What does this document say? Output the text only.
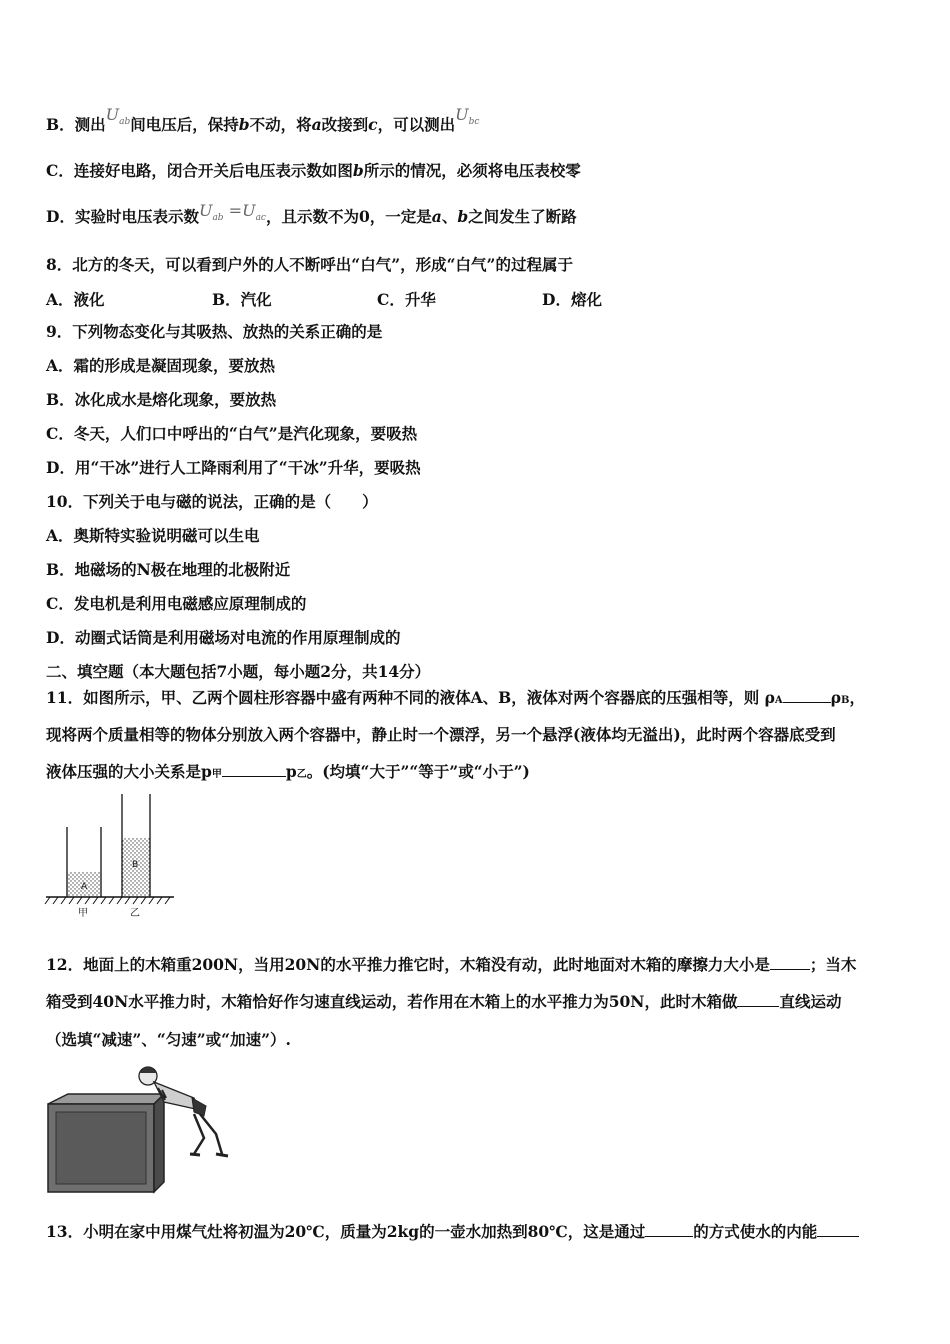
B．测出$U_{ab}$间电压后，保持b不动，将a改接到c，可以测出$U_{bc}$
C．连接好电路，闭合开关后电压表示数如图b所示的情况，必须将电压表校零
D．实验时电压表示数$U_{ab} =U_{ac}$，且示数不为0，一定是a、b之间发生了断路
8．北方的冬天，可以看到户外的人不断呼出“白气”，形成“白气”的过程属于
A．液化	B．汽化	C．升华	D．熔化
9．下列物态变化与其吸热、放热的关系正确的是
A．霜的形成是凝固现象，要放热
B．冰化成水是熔化现象，要放热
C．冬天，人们口中呼出的“白气”是汽化现象，要吸热
D．用“干冰”进行人工降雨利用了“干冰”升华，要吸热
10．下列关于电与磁的说法，正确的是（　　）
A．奥斯特实验说明磁可以生电
B．地磁场的N极在地理的北极附近
C．发电机是利用电磁感应原理制成的
D．动圈式话筒是利用磁场对电流的作用原理制成的
二、填空题（本大题包括7小题，每小题2分，共14分）
11．如图所示，甲、乙两个圆柱形容器中盛有两种不同的液体A、B，液体对两个容器底的压强相等，则 ρA	ρB，
现将两个质量相等的物体分别放入两个容器中，静止时一个漂浮，另一个悬浮(液体均无溢出)，此时两个容器底受到
液体压强的大小关系是p甲	p乙。(均填“大于”“等于”或“小于”)
A
B
甲	乙
12．地面上的木箱重200N，当用20N的水平推力推它时，木箱没有动，此时地面对木箱的摩擦力大小是	；当木
箱受到40N水平推力时，木箱恰好作匀速直线运动，若作用在木箱上的水平推力为50N，此时木箱做	直线运动
（选填“减速”、“匀速”或“加速”）.
13．小明在家中用煤气灶将初温为20℃，质量为2kg的一壶水加热到80℃，这是通过	的方式使水的内能
